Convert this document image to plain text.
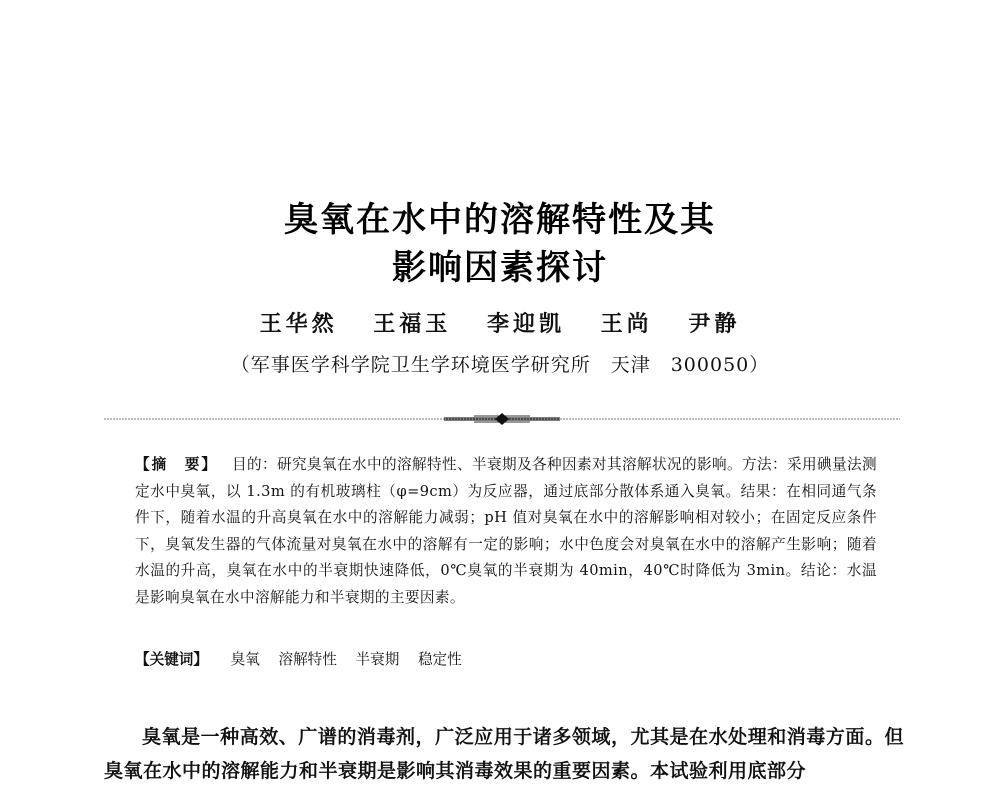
臭氧在水中的溶解特性及其
影响因素探讨
王华然 王福玉 李迎凯 王尚 尹静
（军事医学科学院卫生学环境医学研究所　天津　300050）
【摘　要】 目的：研究臭氧在水中的溶解特性、半衰期及各种因素对其溶解状况的影响。方法：采用碘量法测定水中臭氧，以 1.3m 的有机玻璃柱（φ=9cm）为反应器，通过底部分散体系通入臭氧。结果：在相同通气条件下，随着水温的升高臭氧在水中的溶解能力减弱；pH 值对臭氧在水中的溶解影响相对较小；在固定反应条件下，臭氧发生器的气体流量对臭氧在水中的溶解有一定的影响；水中色度会对臭氧在水中的溶解产生影响；随着水温的升高，臭氧在水中的半衰期快速降低，0℃臭氧的半衰期为 40min，40℃时降低为 3min。结论：水温是影响臭氧在水中溶解能力和半衰期的主要因素。
【关键词】 臭氧 溶解特性 半衰期 稳定性
臭氧是一种高效、广谱的消毒剂，广泛应用于诸多领域，尤其是在水处理和消毒方面。但臭氧在水中的溶解能力和半衰期是影响其消毒效果的重要因素。本试验利用底部分
